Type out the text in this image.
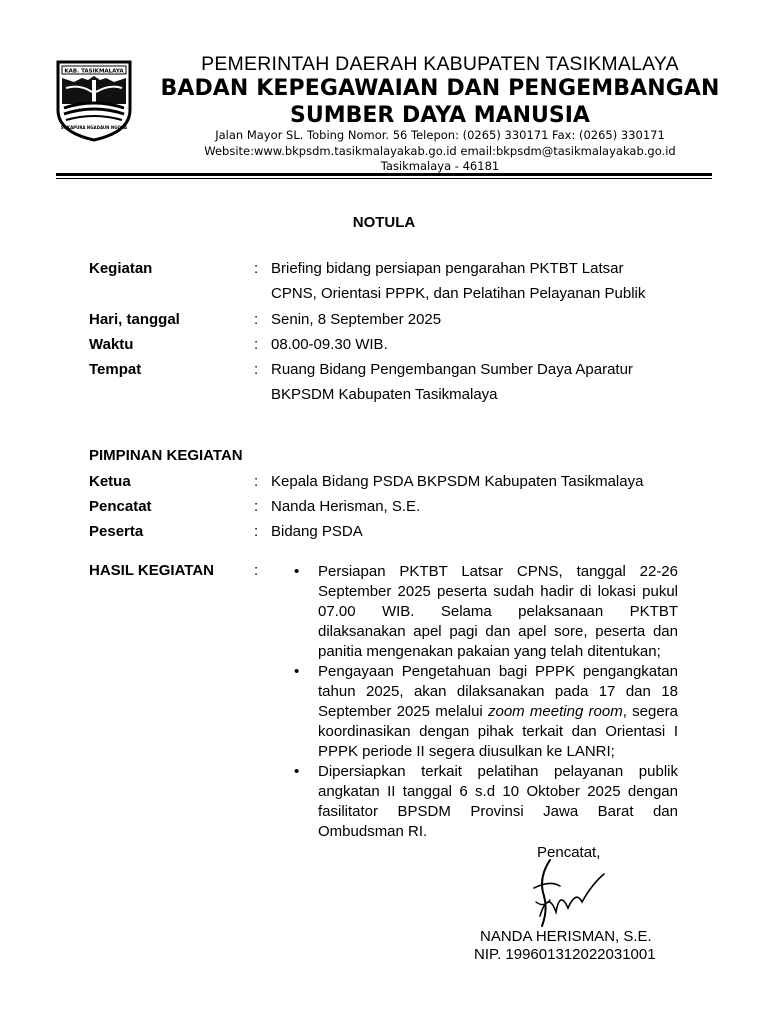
KAB. TASIKMALAYA
SUKAPURA NGADAUN NGORA
PEMERINTAH DAERAH KABUPATEN TASIKMALAYA
BADAN KEPEGAWAIAN DAN PENGEMBANGAN
SUMBER DAYA MANUSIA
Jalan Mayor SL. Tobing Nomor. 56 Telepon: (0265) 330171 Fax: (0265) 330171
Website:www.bkpsdm.tasikmalayakab.go.id email:bkpsdm@tasikmalayakab.go.id
Tasikmalaya - 46181
NOTULA
Kegiatan	: Briefing bidang persiapan pengarahan PKTBT Latsar
CPNS, Orientasi PPPK, dan Pelatihan Pelayanan Publik
Hari, tanggal	: Senin, 8 September 2025
Waktu	: 08.00-09.30 WIB.
Tempat	: Ruang Bidang Pengembangan Sumber Daya Aparatur
BKPSDM Kabupaten Tasikmalaya
PIMPINAN KEGIATAN
Ketua	: Kepala Bidang PSDA BKPSDM Kabupaten Tasikmalaya
Pencatat	: Nanda Herisman, S.E.
Peserta	: Bidang PSDA
HASIL KEGIATAN	:
•	Persiapan PKTBT Latsar CPNS, tanggal 22-26 September 2025 peserta sudah hadir di lokasi pukul 07.00 WIB. Selama pelaksanaan PKTBT dilaksanakan apel pagi dan apel sore, peserta dan panitia mengenakan pakaian yang telah ditentukan;
•
Pengayaan Pengetahuan bagi PPPK pengangkatan tahun 2025, akan dilaksanakan pada 17 dan 18 September 2025 melalui zoom meeting room, segera koordinasikan dengan pihak terkait dan Orientasi I PPPK periode II segera diusulkan ke LANRI;
•
Dipersiapkan terkait pelatihan pelayanan publik angkatan II tanggal 6 s.d 10 Oktober 2025 dengan fasilitator BPSDM Provinsi Jawa Barat dan Ombudsman RI.
Pencatat,
NANDA HERISMAN, S.E.
NIP. 199601312022031001
